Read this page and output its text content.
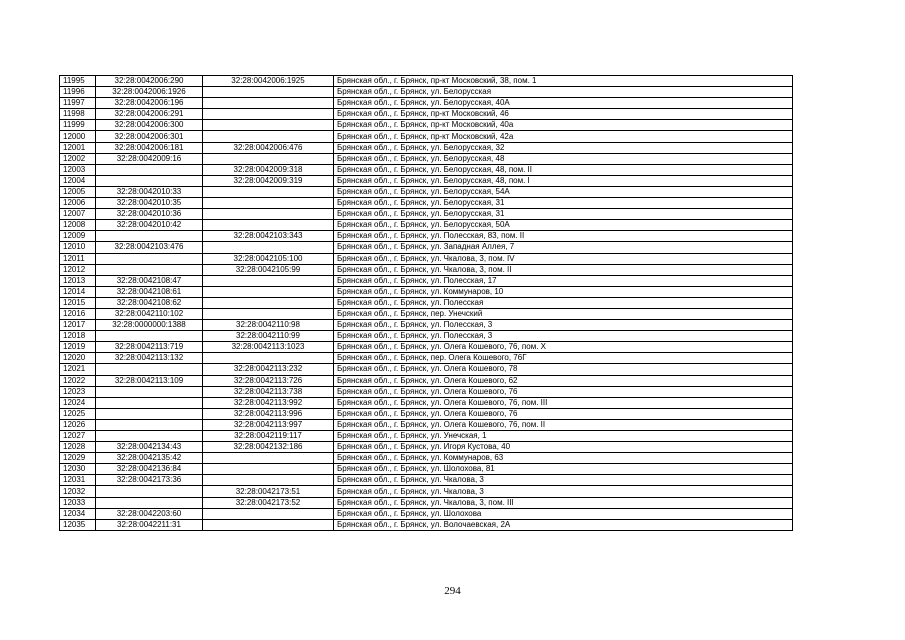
11995	32:28:0042006:290	32:28:0042006:1925	Брянская обл., г. Брянск, пр-кт Московский, 38, пом. 1
11996	32:28:0042006:1926		Брянская обл., г. Брянск, ул. Белорусская
11997	32:28:0042006:196		Брянская обл., г. Брянск, ул. Белорусская, 40А
11998	32:28:0042006:291		Брянская обл., г. Брянск, пр-кт Московский, 46
11999	32:28:0042006:300		Брянская обл., г. Брянск, пр-кт Московский, 40а
12000	32:28:0042006:301		Брянская обл., г. Брянск, пр-кт Московский, 42а
12001	32:28:0042006:181	32:28:0042006:476	Брянская обл., г. Брянск, ул. Белорусская, 32
12002	32:28:0042009:16		Брянская обл., г. Брянск, ул. Белорусская, 48
12003		32:28:0042009:318	Брянская обл., г. Брянск, ул. Белорусская, 48, пом. II
12004		32:28:0042009:319	Брянская обл., г. Брянск, ул. Белорусская, 48, пом. I
12005	32:28:0042010:33		Брянская обл., г. Брянск, ул. Белорусская, 54А
12006	32:28:0042010:35		Брянская обл., г. Брянск, ул. Белорусская, 31
12007	32:28:0042010:36		Брянская обл., г. Брянск, ул. Белорусская, 31
12008	32:28:0042010:42		Брянская обл., г. Брянск, ул. Белорусская, 50А
12009		32:28:0042103:343	Брянская обл., г. Брянск, ул. Полесская, 83, пом. II
12010	32:28:0042103:476		Брянская обл., г. Брянск, ул. Западная Аллея, 7
12011		32:28:0042105:100	Брянская обл., г. Брянск, ул. Чкалова, 3, пом. IV
12012		32:28:0042105:99	Брянская обл., г. Брянск, ул. Чкалова, 3, пом. II
12013	32:28:0042108:47		Брянская обл., г. Брянск, ул. Полесская, 17
12014	32:28:0042108:61		Брянская обл., г. Брянск, ул. Коммунаров, 10
12015	32:28:0042108:62		Брянская обл., г. Брянск, ул. Полесская
12016	32:28:0042110:102		Брянская обл., г. Брянск, пер. Унечский
12017	32:28:0000000:1388	32:28:0042110:98	Брянская обл., г. Брянск, ул. Полесская, 3
12018		32:28:0042110:99	Брянская обл., г. Брянск, ул. Полесская, 3
12019	32:28:0042113:719	32:28:0042113:1023	Брянская обл., г. Брянск, ул. Олега Кошевого, 76, пом. X
12020	32:28:0042113:132		Брянская обл., г. Брянск, пер. Олега Кошевого, 76Г
12021		32:28:0042113:232	Брянская обл., г. Брянск, ул. Олега Кошевого, 78
12022	32:28:0042113:109	32:28:0042113:726	Брянская обл., г. Брянск, ул. Олега Кошевого, 62
12023		32:28:0042113:738	Брянская обл., г. Брянск, ул. Олега Кошевого, 76
12024		32:28:0042113:992	Брянская обл., г. Брянск, ул. Олега Кошевого, 76, пом. III
12025		32:28:0042113:996	Брянская обл., г. Брянск, ул. Олега Кошевого, 76
12026		32:28:0042113:997	Брянская обл., г. Брянск, ул. Олега Кошевого, 76, пом. II
12027		32:28:0042119:117	Брянская обл., г. Брянск, ул. Унечская, 1
12028	32:28:0042134:43	32:28:0042132:186	Брянская обл., г. Брянск, ул. Игоря Кустова, 40
12029	32:28:0042135:42		Брянская обл., г. Брянск, ул. Коммунаров, 63
12030	32:28:0042136:84		Брянская обл., г. Брянск, ул. Шолохова, 81
12031	32:28:0042173:36		Брянская обл., г. Брянск, ул. Чкалова, 3
12032		32:28:0042173:51	Брянская обл., г. Брянск, ул. Чкалова, 3
12033		32:28:0042173:52	Брянская обл., г. Брянск, ул. Чкалова, 3, пом. III
12034	32:28:0042203:60		Брянская обл., г. Брянск, ул. Шолохова
12035	32:28:0042211:31		Брянская обл., г. Брянск, ул. Волочаевская, 2А
294
